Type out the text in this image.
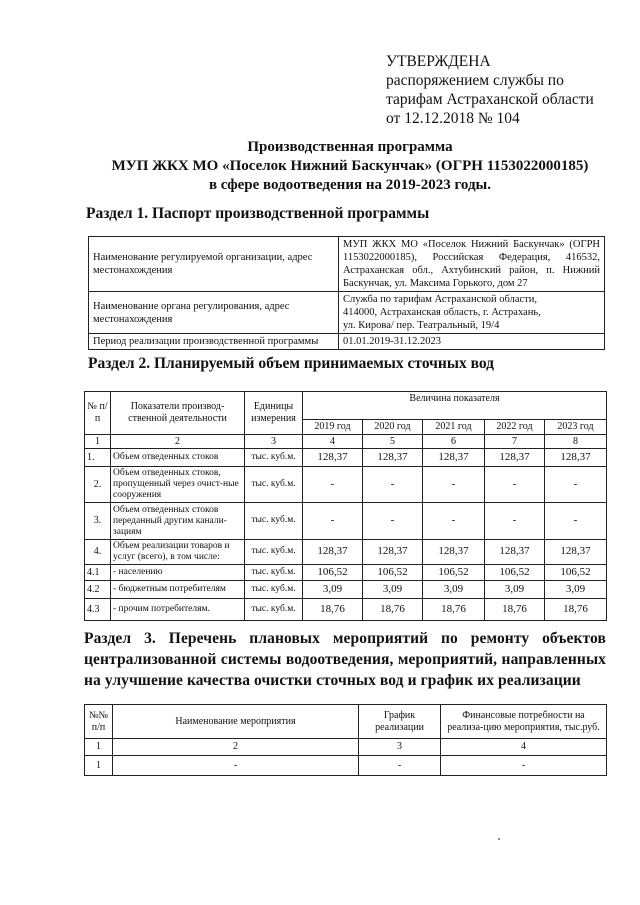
УТВЕРЖДЕНА
распоряжением службы по
тарифам Астраханской области
от 12.12.2018 № 104
Производственная программа
МУП ЖКХ МО «Поселок Нижний Баскунчак» (ОГРН 1153022000185)
в сфере водоотведения на 2019-2023 годы.
Раздел 1. Паспорт производственной программы
Наименование регулируемой организации, адрес местонахождения	МУП ЖКХ МО «Поселок Нижний Баскунчак» (ОГРН 1153022000185), Российская Федерация, 416532, Астраханская обл., Ахтубинский район, п. Нижний Баскунчак, ул. Максима Горького, дом 27
Наименование органа регулирования, адрес местонахождения	Служба по тарифам Астраханской области,
414000, Астраханская область, г. Астрахань,
ул. Кирова/ пер. Театральный, 19/4

Период реализации производственной программы	01.01.2019-31.12.2023
Раздел 2. Планируемый объем принимаемых сточных вод
№ п/п	Показатели производ-ственной деятельности	Единицы измерения	Величина показателя				
			2019 год	2020 год	2021 год	2022 год	2023 год
1	2	3	4	5	6	7	8
1.	Объем отведенных стоков	тыс. куб.м.	128,37	128,37	128,37	128,37	128,37
2.	Объем отведенных стоков, пропущенный через очист-ные сооружения	тыс. куб.м.	-	-	-	-	-
3.	Объем отведенных стоков переданный другим канали-зациям	тыс. куб.м.	-	-	-	-	-
4.	Объем реализации товаров и услуг (всего), в том числе:	тыс. куб.м.	128,37	128,37	128,37	128,37	128,37
4.1	- населению	тыс. куб.м.	106,52	106,52	106,52	106,52	106,52
4.2	- бюджетным потребителям	тыс. куб.м.	3,09	3,09	3,09	3,09	3,09
4.3	- прочим потребителям.	тыс. куб.м.	18,76	18,76	18,76	18,76	18,76
Раздел 3. Перечень плановых мероприятий по ремонту объектов централизованной системы водоотведения, мероприятий, направленных на улучшение качества очистки сточных вод и график их реализации
№№ п/п	Наименование мероприятия	График реализации	Финансовые потребности на реализа-цию мероприятия, тыс.руб.
1	2	3	4
1	-	-	-
